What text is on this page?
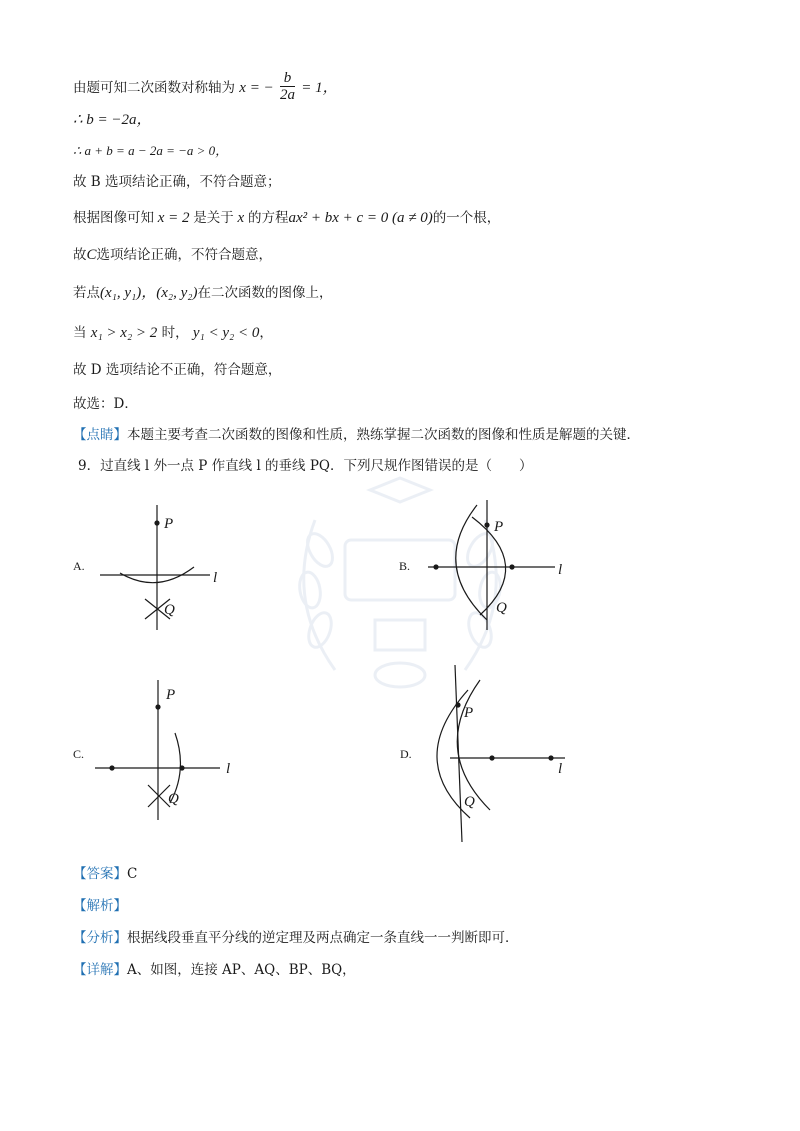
由题可知二次函数对称轴为 x = − $\frac{b}{2a} = 1$，
∴ b = −2a，
∴ a + b = a − 2a = −a > 0，
故 B 选项结论正确，不符合题意；
根据图像可知 x = 2 是关于 x 的方程ax² + bx + c = 0 (a ≠ 0)的一个根，
故C选项结论正确，不符合题意，
若点(x₁, y₁)，(x₂, y₂)在二次函数的图像上，
当 x₁ > x₂ > 2 时， y₁ < y₂ < 0，
故 D 选项结论不正确，符合题意，
故选：D．
【点睛】本题主要考查二次函数的图像和性质，熟练掌握二次函数的图像和性质是解题的关键．
9．过直线 l 外一点 P 作直线 l 的垂线 PQ．下列尺规作图错误的是（　　）
A.
P
Q
l
B.
P
Q
l
C.
P
Q
l
D.
P
Q
l
【答案】C
【解析】
【分析】根据线段垂直平分线的逆定理及两点确定一条直线一一判断即可．
【详解】A、如图，连接 AP、AQ、BP、BQ，
